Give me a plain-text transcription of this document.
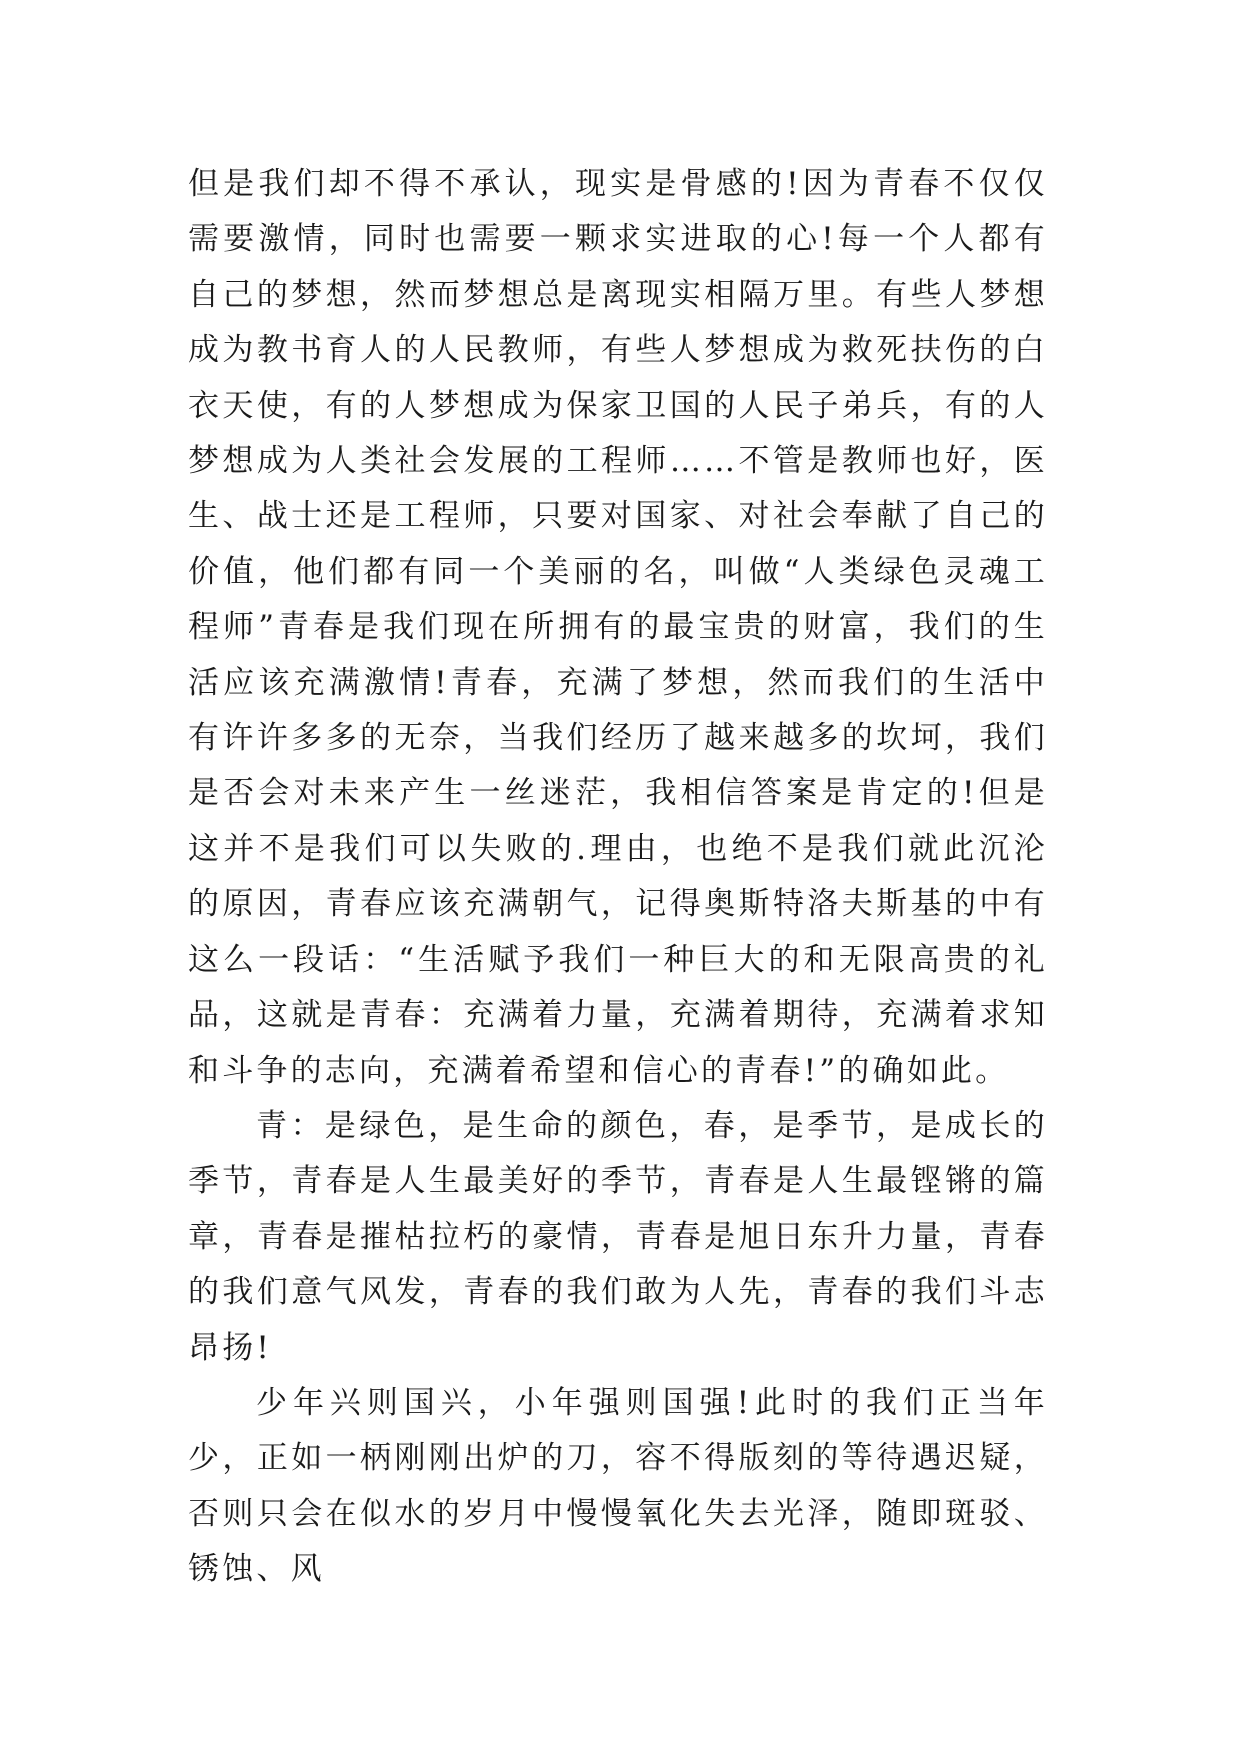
但是我们却不得不承认，现实是骨感的!因为青春不仅仅需要激情，同时也需要一颗求实进取的心!每一个人都有自己的梦想，然而梦想总是离现实相隔万里。有些人梦想成为教书育人的人民教师，有些人梦想成为救死扶伤的白衣天使，有的人梦想成为保家卫国的人民子弟兵，有的人梦想成为人类社会发展的工程师……不管是教师也好，医生、战士还是工程师，只要对国家、对社会奉献了自己的价值，他们都有同一个美丽的名，叫做“人类绿色灵魂工程师”青春是我们现在所拥有的最宝贵的财富，我们的生活应该充满激情!青春，充满了梦想，然而我们的生活中有许许多多的无奈，当我们经历了越来越多的坎坷，我们是否会对未来产生一丝迷茫，我相信答案是肯定的!但是这并不是我们可以失败的.理由，也绝不是我们就此沉沦的原因，青春应该充满朝气，记得奥斯特洛夫斯基的中有这么一段话：“生活赋予我们一种巨大的和无限高贵的礼品，这就是青春：充满着力量，充满着期待，充满着求知和斗争的志向，充满着希望和信心的青春!”的确如此。

青：是绿色，是生命的颜色，春，是季节，是成长的季节，青春是人生最美好的季节，青春是人生最铿锵的篇章，青春是摧枯拉朽的豪情，青春是旭日东升力量，青春的我们意气风发，青春的我们敢为人先，青春的我们斗志昂扬!

少年兴则国兴，小年强则国强!此时的我们正当年少，正如一柄刚刚出炉的刀，容不得版刻的等待遇迟疑，否则只会在似水的岁月中慢慢氧化失去光泽，随即斑驳、锈蚀、风
